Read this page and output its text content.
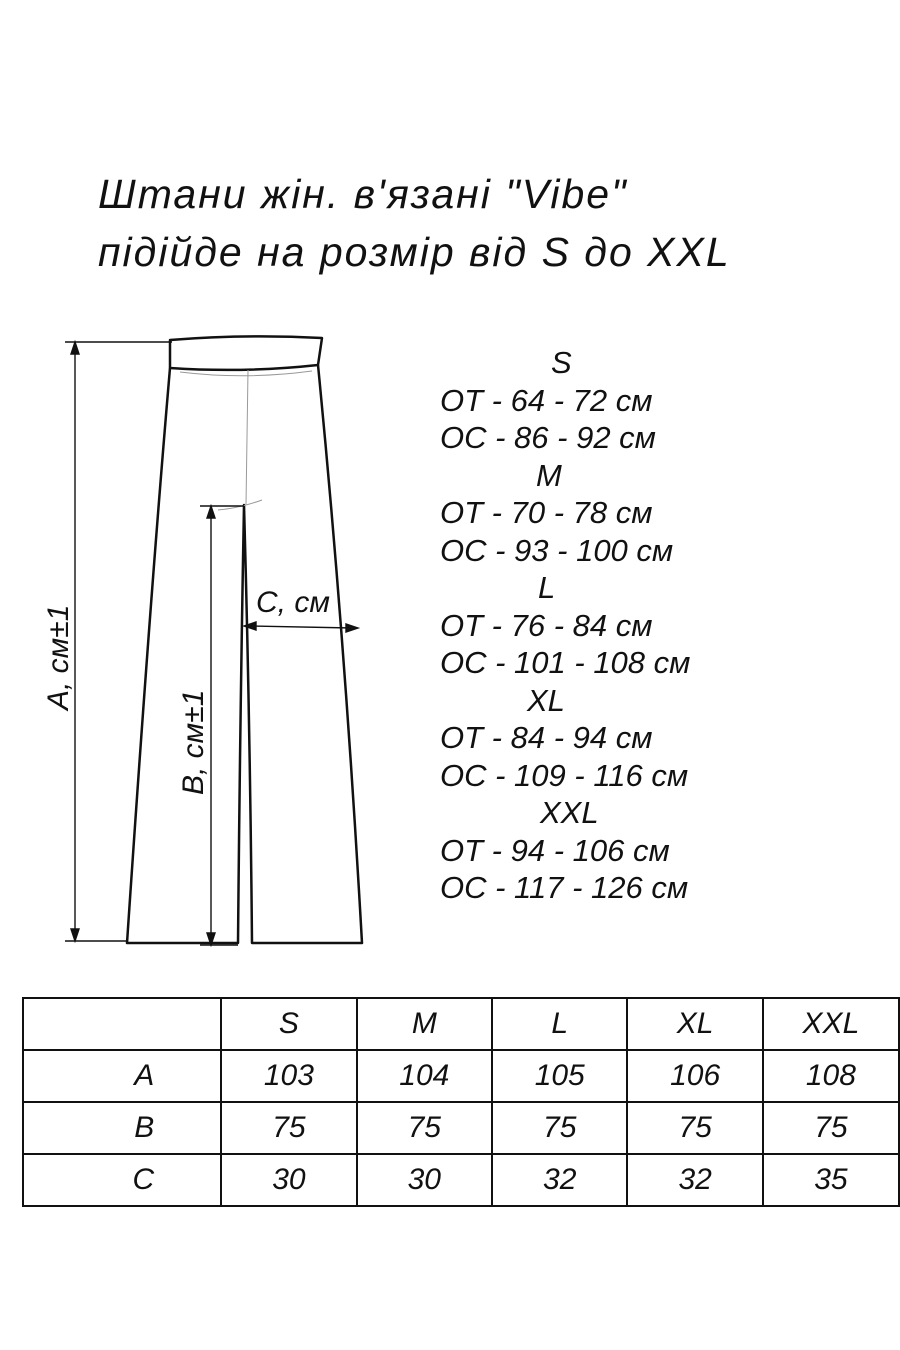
Штани жін. в'язані "Vibe"
підійде на розмір від S до XXL
A, см±1
B, см±1
C, см
S
ОТ - 64 - 72 см
ОС - 86 - 92 см
M
ОТ - 70 - 78 см
ОС - 93 - 100 см
L
ОТ - 76 - 84 см
ОС - 101 - 108 см
XL
ОТ - 84 - 94 см
ОС - 109 - 116 см
XXL
ОТ - 94 - 106 см
ОС - 117 - 126 см
	S	M	L	XL	XXL
A	103	104	105	106	108
B	75	75	75	75	75
C	30	30	32	32	35
